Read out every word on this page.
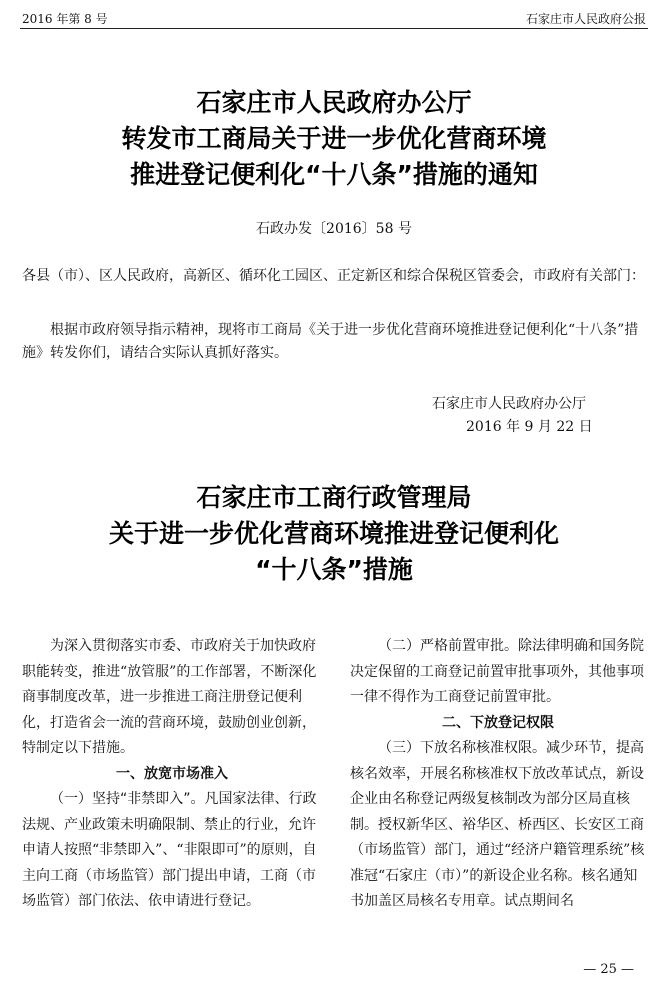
2016 年第 8 号	石家庄市人民政府公报
石家庄市人民政府办公厅
转发市工商局关于进一步优化营商环境
推进登记便利化“十八条”措施的通知
石政办发〔2016〕58 号
各县（市）、区人民政府，高新区、循环化工园区、正定新区和综合保税区管委会，市政府有关部门：
根据市政府领导指示精神，现将市工商局《关于进一步优化营商环境推进登记便利化“十八条”措施》转发你们，请结合实际认真抓好落实。
石家庄市人民政府办公厅
2016 年 9 月 22 日
石家庄市工商行政管理局
关于进一步优化营商环境推进登记便利化
“十八条”措施

为深入贯彻落实市委、市政府关于加快政府职能转变，推进“放管服”的工作部署，不断深化商事制度改革，进一步推进工商注册登记便利化，打造省会一流的营商环境，鼓励创业创新，特制定以下措施。

一、放宽市场准入

（一）坚持“非禁即入”。凡国家法律、行政法规、产业政策未明确限制、禁止的行业，允许申请人按照“非禁即入”、“非限即可”的原则，自主向工商（市场监管）部门提出申请，工商（市场监管）部门依法、依申请进行登记。

（二）严格前置审批。除法律明确和国务院决定保留的工商登记前置审批事项外，其他事项一律不得作为工商登记前置审批。

二、下放登记权限

（三）下放名称核准权限。减少环节，提高核名效率，开展名称核准权下放改革试点，新设企业由名称登记两级复核制改为部分区局直核制。授权新华区、裕华区、桥西区、长安区工商（市场监管）部门，通过“经济户籍管理系统”核准冠“石家庄（市）”的新设企业名称。核名通知书加盖区局核名专用章。试点期间名

— 25 —
